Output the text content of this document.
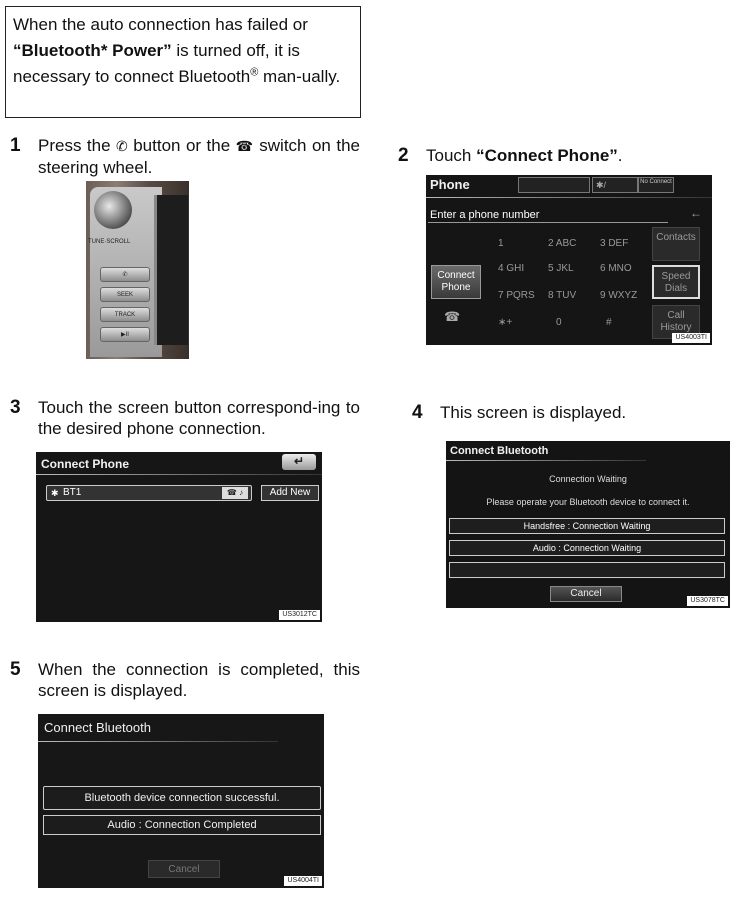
When the auto connection has failed or “Bluetooth* Power” is turned off, it is necessary to connect Bluetooth® man-ually.
1 Press the ✆ button or the ☎ switch on the steering wheel.
TUNE·SCROLL
✆
SEEK
TRACK
▶II
2 Touch “Connect Phone”.
Phone	✱/	No Connect
Enter a phone number	←
1	2 ABC 3 DEF
4 GHI 5 JKL	6 MNO
7 PQRS 8 TUV 9 WXYZ
∗+	0	#
Connect Phone
☎
Contacts
Speed Dials
Call History
US4003TI
3 Touch the screen button correspond-ing to the desired phone connection.
Connect Phone	↵
✱ BT1	☎ ♪	Add New
US3012TC
4 This screen is displayed.
Connect Bluetooth
Connection Waiting
Please operate your Bluetooth device to connect it.
Handsfree : Connection Waiting
Audio : Connection Waiting
Cancel
US3078TC
5 When the connection is completed, this screen is displayed.
Connect Bluetooth
Bluetooth device connection successful.
Audio : Connection Completed
Cancel
US4004TI
